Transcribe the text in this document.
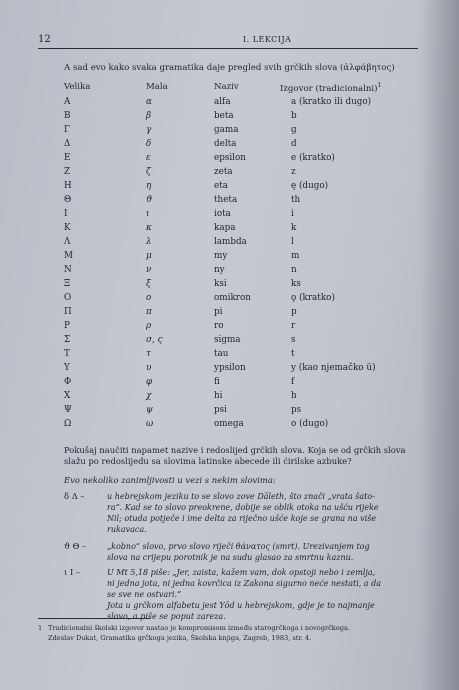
12	I. LEKCIJA
A sad evo kako svaka gramatika daje pregled svih grčkih slova (ἀλφάβητος)
Velika	Mala	Naziv	Izgovor (tradicionalni)$^1$
Α	α	alfa	a (kratko ili dugo)
Β	β	beta	b
Γ	γ	gama	g
Δ	δ	delta	d
Ε	ε	epsilon	e (kratko)
Ζ	ζ	zeta	z
Η	η	eta	ę (dugo)
Θ	ϑ	theta	th
Ι	ι	iota	i
Κ	κ	kapa	k
Λ	λ	lambda	l
Μ	μ	my	m
Ν	ν	ny	n
Ξ	ξ	ksi	ks
Ο	ο	omikron	ǫ (kratko)
Π	π	pi	p
Ρ	ρ	ro	r
Σ	σ, ς	sigma	s
Τ	τ	tau	t
Υ	υ	ypsilon	y (kao njemačko ü)
Φ	φ	fi	f
Χ	χ	hi	h
Ψ	ψ	psi	ps
Ω	ω	omega	o (dugo)
Pokušaj naučiti napamet nazive i redoslijed grčkih slova. Koja se od grčkih slova
slažu po redoslijedu sa slovima latinske abecede ili ćirilske azbuke?
Evo nekoliko zanimljivosti u vezi s nekim slovima:
δ Δ –	u hebrejskom jeziku to se slovo zove Dāleth, što znači „vrata šato-
ra“. Kad se to slovo preokrene, dobije se oblik otoka na ušću rijeke
Nil; otuda potječe i ime delta za riječno ušće koje se grana na više
rukavaca.
ϑ Θ –	„kobno“ slovo, prvo slovo riječi θάνατος (smrt). Urezivanjem tog
slova na crijepu porotnik je na sudu glasao za smrtnu kaznu.
ι Ι –	U Mt 5,18 piše: „Jer, zaista, kažem vam, dok opstoji nebo i zemlja,
ni jedna jota, ni jedna kovrčica iz Zakona sigurno neće nestati, a da
se sve ne ostvari.“
Jota u grčkom alfabetu jest Yōd u hebrejskom, gdje je to najmanje
slovo, a piše se poput zareza.
1 Tradicionalni školski izgovor nastao je kompromisom između starogrčkoga i novogrčkoga.
Zdeslav Dukat, Gramatika grčkoga jezika, Školska knjiga, Zagreb, 1983, str. 4.
